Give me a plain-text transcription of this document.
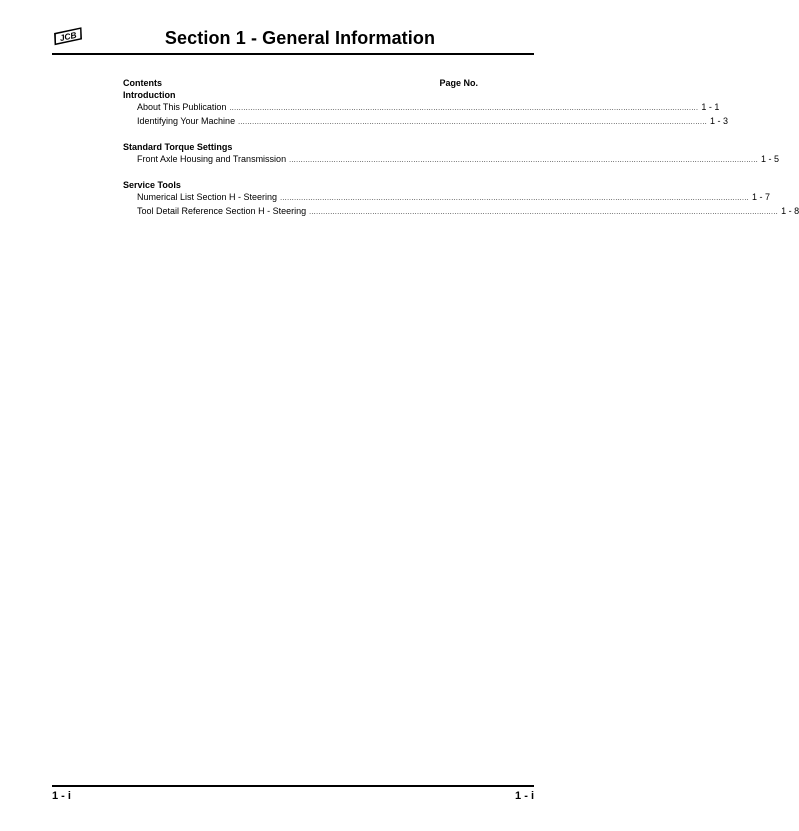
JCB	Section 1 - General Information
Contents	Page No.
Introduction
About This Publication ........................................................................................................................................................................................................ 1 - 1
Identifying Your Machine ........................................................................................................................................................................................................ 1 - 3
Standard Torque Settings
Front Axle Housing and Transmission ........................................................................................................................................................................................................ 1 - 5
Service Tools
Numerical List Section H - Steering ........................................................................................................................................................................................................ 1 - 7
Tool Detail Reference Section H - Steering ........................................................................................................................................................................................................ 1 - 8
1 - i	1 - i
